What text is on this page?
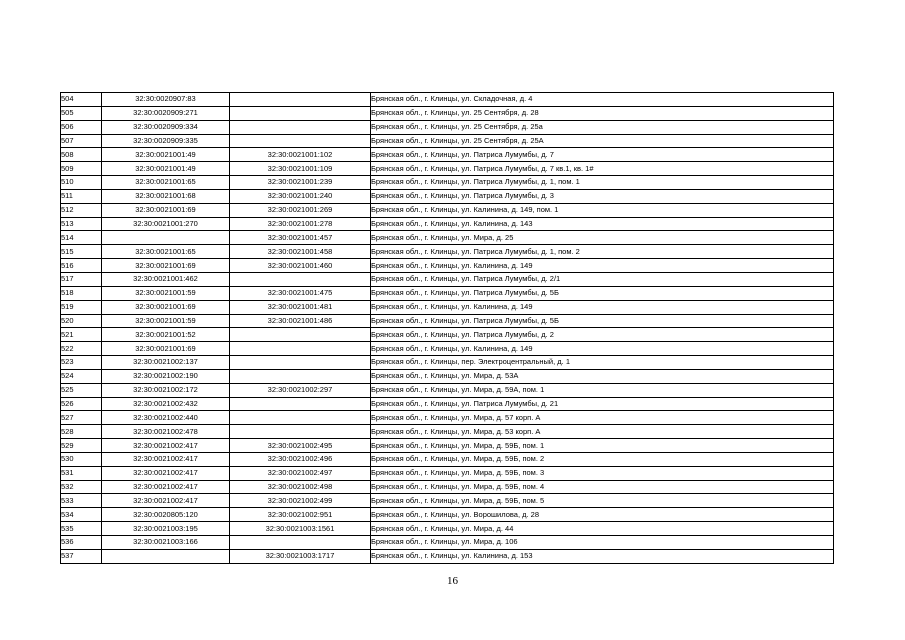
504	32:30:0020907:83		Брянская обл., г. Клинцы, ул. Складочная, д. 4
505	32:30:0020909:271		Брянская обл., г. Клинцы, ул. 25 Сентября, д. 28
506	32:30:0020909:334		Брянская обл., г. Клинцы, ул. 25 Сентября, д. 25а
507	32:30:0020909:335		Брянская обл., г. Клинцы, ул. 25 Сентября, д. 25А
508	32:30:0021001:49	32:30:0021001:102	Брянская обл., г. Клинцы, ул. Патриса Лумумбы, д. 7
509	32:30:0021001:49	32:30:0021001:109	Брянская обл., г. Клинцы, ул. Патриса Лумумбы, д. 7 кв.1, кв. 1#
510	32:30:0021001:65	32:30:0021001:239	Брянская обл., г. Клинцы, ул. Патриса Лумумбы, д. 1, пом. 1
511	32:30:0021001:68	32:30:0021001:240	Брянская обл., г. Клинцы, ул. Патриса Лумумбы, д. 3
512	32:30:0021001:69	32:30:0021001:269	Брянская обл., г. Клинцы, ул. Калинина, д. 149, пом. 1
513	32:30:0021001:270	32:30:0021001:278	Брянская обл., г. Клинцы, ул. Калинина, д. 143
514		32:30:0021001:457	Брянская обл., г. Клинцы, ул. Мира, д. 25
515	32:30:0021001:65	32:30:0021001:458	Брянская обл., г. Клинцы, ул. Патриса Лумумбы, д. 1, пом. 2
516	32:30:0021001:69	32:30:0021001:460	Брянская обл., г. Клинцы, ул. Калинина, д. 149
517	32:30:0021001:462		Брянская обл., г. Клинцы, ул. Патриса Лумумбы, д. 2/1
518	32:30:0021001:59	32:30:0021001:475	Брянская обл., г. Клинцы, ул. Патриса Лумумбы, д. 5Б
519	32:30:0021001:69	32:30:0021001:481	Брянская обл., г. Клинцы, ул. Калинина, д. 149
520	32:30:0021001:59	32:30:0021001:486	Брянская обл., г. Клинцы, ул. Патриса Лумумбы, д. 5Б
521	32:30:0021001:52		Брянская обл., г. Клинцы, ул. Патриса Лумумбы, д. 2
522	32:30:0021001:69		Брянская обл., г. Клинцы, ул. Калинина, д. 149
523	32:30:0021002:137		Брянская обл., г. Клинцы, пер. Электроцентральный, д. 1
524	32:30:0021002:190		Брянская обл., г. Клинцы, ул. Мира, д. 53А
525	32:30:0021002:172	32:30:0021002:297	Брянская обл., г. Клинцы, ул. Мира, д. 59А, пом. 1
526	32:30:0021002:432		Брянская обл., г. Клинцы, ул. Патриса Лумумбы, д. 21
527	32:30:0021002:440		Брянская обл., г. Клинцы, ул. Мира, д. 57 корп. А
528	32:30:0021002:478		Брянская обл., г. Клинцы, ул. Мира, д. 53 корп. А
529	32:30:0021002:417	32:30:0021002:495	Брянская обл., г. Клинцы, ул. Мира, д. 59Б, пом. 1
530	32:30:0021002:417	32:30:0021002:496	Брянская обл., г. Клинцы, ул. Мира, д. 59Б, пом. 2
531	32:30:0021002:417	32:30:0021002:497	Брянская обл., г. Клинцы, ул. Мира, д. 59Б, пом. 3
532	32:30:0021002:417	32:30:0021002:498	Брянская обл., г. Клинцы, ул. Мира, д. 59Б, пом. 4
533	32:30:0021002:417	32:30:0021002:499	Брянская обл., г. Клинцы, ул. Мира, д. 59Б, пом. 5
534	32:30:0020805:120	32:30:0021002:951	Брянская обл., г. Клинцы, ул. Ворошилова, д. 28
535	32:30:0021003:195	32:30:0021003:1561	Брянская обл., г. Клинцы, ул. Мира, д. 44
536	32:30:0021003:166		Брянская обл., г. Клинцы, ул. Мира, д. 106
537		32:30:0021003:1717	Брянская обл., г. Клинцы, ул. Калинина, д. 153
16
